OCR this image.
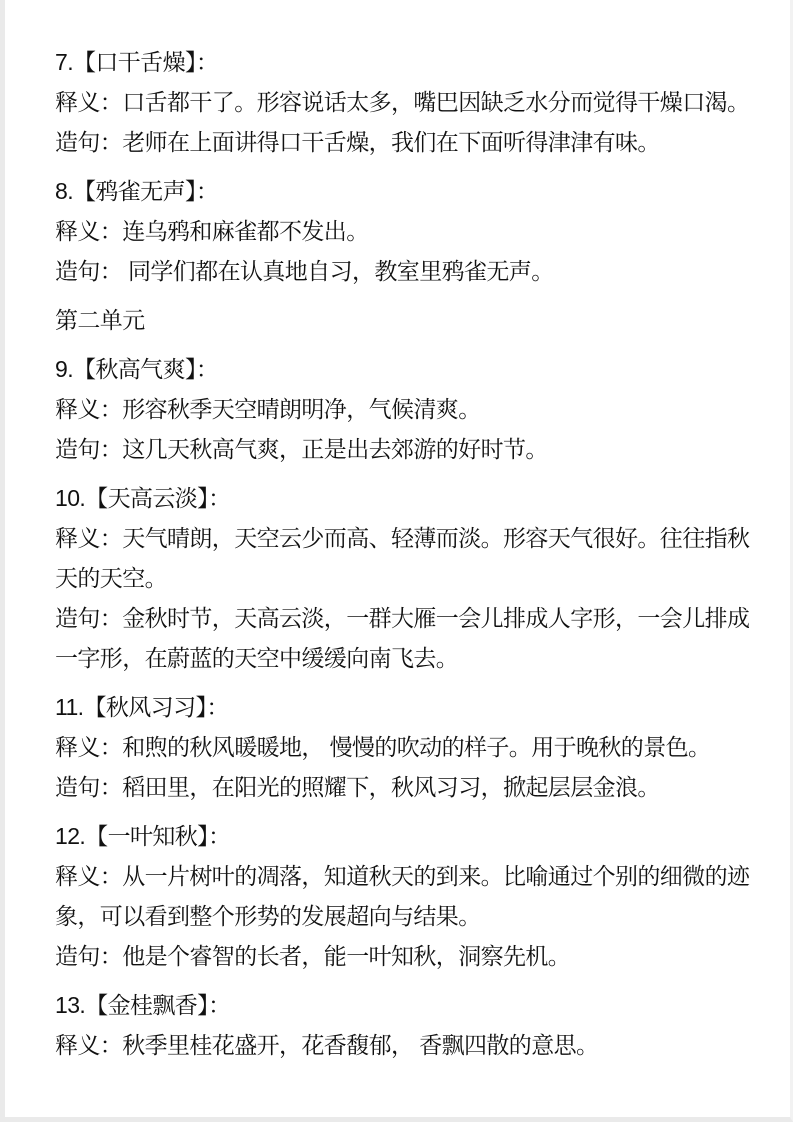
7.【口干舌燥】：

释义：口舌都干了。形容说话太多，嘴巴因缺乏水分而觉得干燥口渴。

造句：老师在上面讲得口干舌燥，我们在下面听得津津有味。

8.【鸦雀无声】：

释义：连乌鸦和麻雀都不发出。

造句： 同学们都在认真地自习，教室里鸦雀无声。

第二单元
9.【秋高气爽】：

释义：形容秋季天空晴朗明净，气候清爽。

造句：这几天秋高气爽，正是出去郊游的好时节。

10.【天高云淡】：

释义：天气晴朗，天空云少而高、轻薄而淡。形容天气很好。往往指秋天的天空。

造句：金秋时节，天高云淡，一群大雁一会儿排成人字形，一会儿排成一字形，在蔚蓝的天空中缓缓向南飞去。

11.【秋风习习】：

释义：和煦的秋风暖暖地， 慢慢的吹动的样子。用于晚秋的景色。

造句：稻田里，在阳光的照耀下，秋风习习，掀起层层金浪。

12.【一叶知秋】：

释义：从一片树叶的凋落，知道秋天的到来。比喻通过个别的细微的迹象，可以看到整个形势的发展超向与结果。

造句：他是个睿智的长者，能一叶知秋，洞察先机。

13.【金桂飘香】：

释义：秋季里桂花盛开，花香馥郁， 香飘四散的意思。
